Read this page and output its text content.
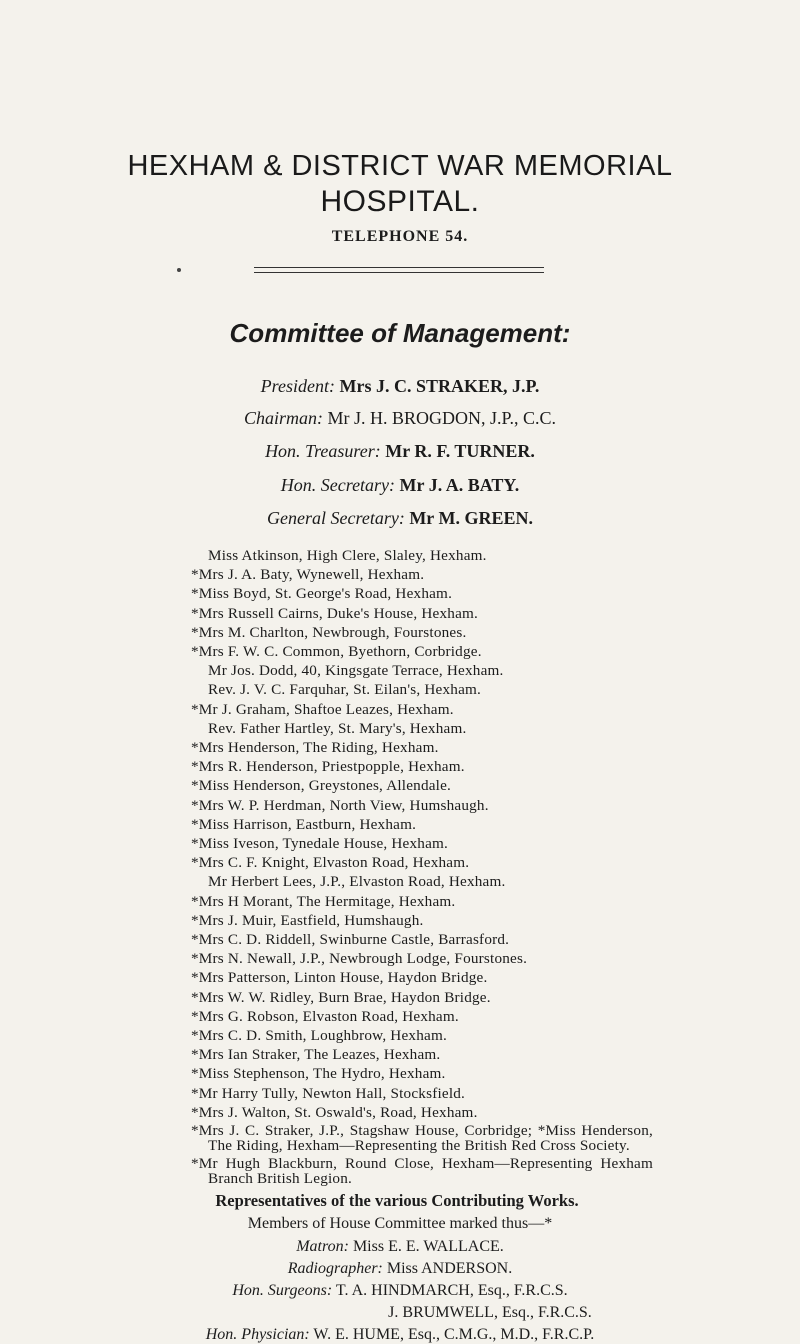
HEXHAM & DISTRICT WAR MEMORIAL
HOSPITAL.
TELEPHONE 54.
Committee of Management:
President: Mrs J. C. STRAKER, J.P.
Chairman: Mr J. H. BROGDON, J.P., C.C.
Hon. Treasurer: Mr R. F. TURNER.
Hon. Secretary: Mr J. A. BATY.
General Secretary: Mr M. GREEN.
Miss Atkinson, High Clere, Slaley, Hexham.
*Mrs J. A. Baty, Wynewell, Hexham.
*Miss Boyd, St. George's Road, Hexham.
*Mrs Russell Cairns, Duke's House, Hexham.
*Mrs M. Charlton, Newbrough, Fourstones.
*Mrs F. W. C. Common, Byethorn, Corbridge.
Mr Jos. Dodd, 40, Kingsgate Terrace, Hexham.
Rev. J. V. C. Farquhar, St. Eilan's, Hexham.
*Mr J. Graham, Shaftoe Leazes, Hexham.
Rev. Father Hartley, St. Mary's, Hexham.
*Mrs Henderson, The Riding, Hexham.
*Mrs R. Henderson, Priestpopple, Hexham.
*Miss Henderson, Greystones, Allendale.
*Mrs W. P. Herdman, North View, Humshaugh.
*Miss Harrison, Eastburn, Hexham.
*Miss Iveson, Tynedale House, Hexham.
*Mrs C. F. Knight, Elvaston Road, Hexham.
Mr Herbert Lees, J.P., Elvaston Road, Hexham.
*Mrs H Morant, The Hermitage, Hexham.
*Mrs J. Muir, Eastfield, Humshaugh.
*Mrs C. D. Riddell, Swinburne Castle, Barrasford.
*Mrs N. Newall, J.P., Newbrough Lodge, Fourstones.
*Mrs Patterson, Linton House, Haydon Bridge.
*Mrs W. W. Ridley, Burn Brae, Haydon Bridge.
*Mrs G. Robson, Elvaston Road, Hexham.
*Mrs C. D. Smith, Loughbrow, Hexham.
*Mrs Ian Straker, The Leazes, Hexham.
*Miss Stephenson, The Hydro, Hexham.
*Mr Harry Tully, Newton Hall, Stocksfield.
*Mrs J. Walton, St. Oswald's, Road, Hexham.
*Mrs J. C. Straker, J.P., Stagshaw House, Corbridge; *Miss Henderson, The Riding, Hexham—Representing the British Red Cross Society.
*Mr Hugh Blackburn, Round Close, Hexham—Representing Hexham Branch British Legion.
Representatives of the various Contributing Works.
Members of House Committee marked thus—*
Matron: Miss E. E. WALLACE.
Radiographer: Miss ANDERSON.
Hon. Surgeons: T. A. HINDMARCH, Esq., F.R.C.S.
J. BRUMWELL, Esq., F.R.C.S.
Hon. Physician: W. E. HUME, Esq., C.M.G., M.D., F.R.C.P.
